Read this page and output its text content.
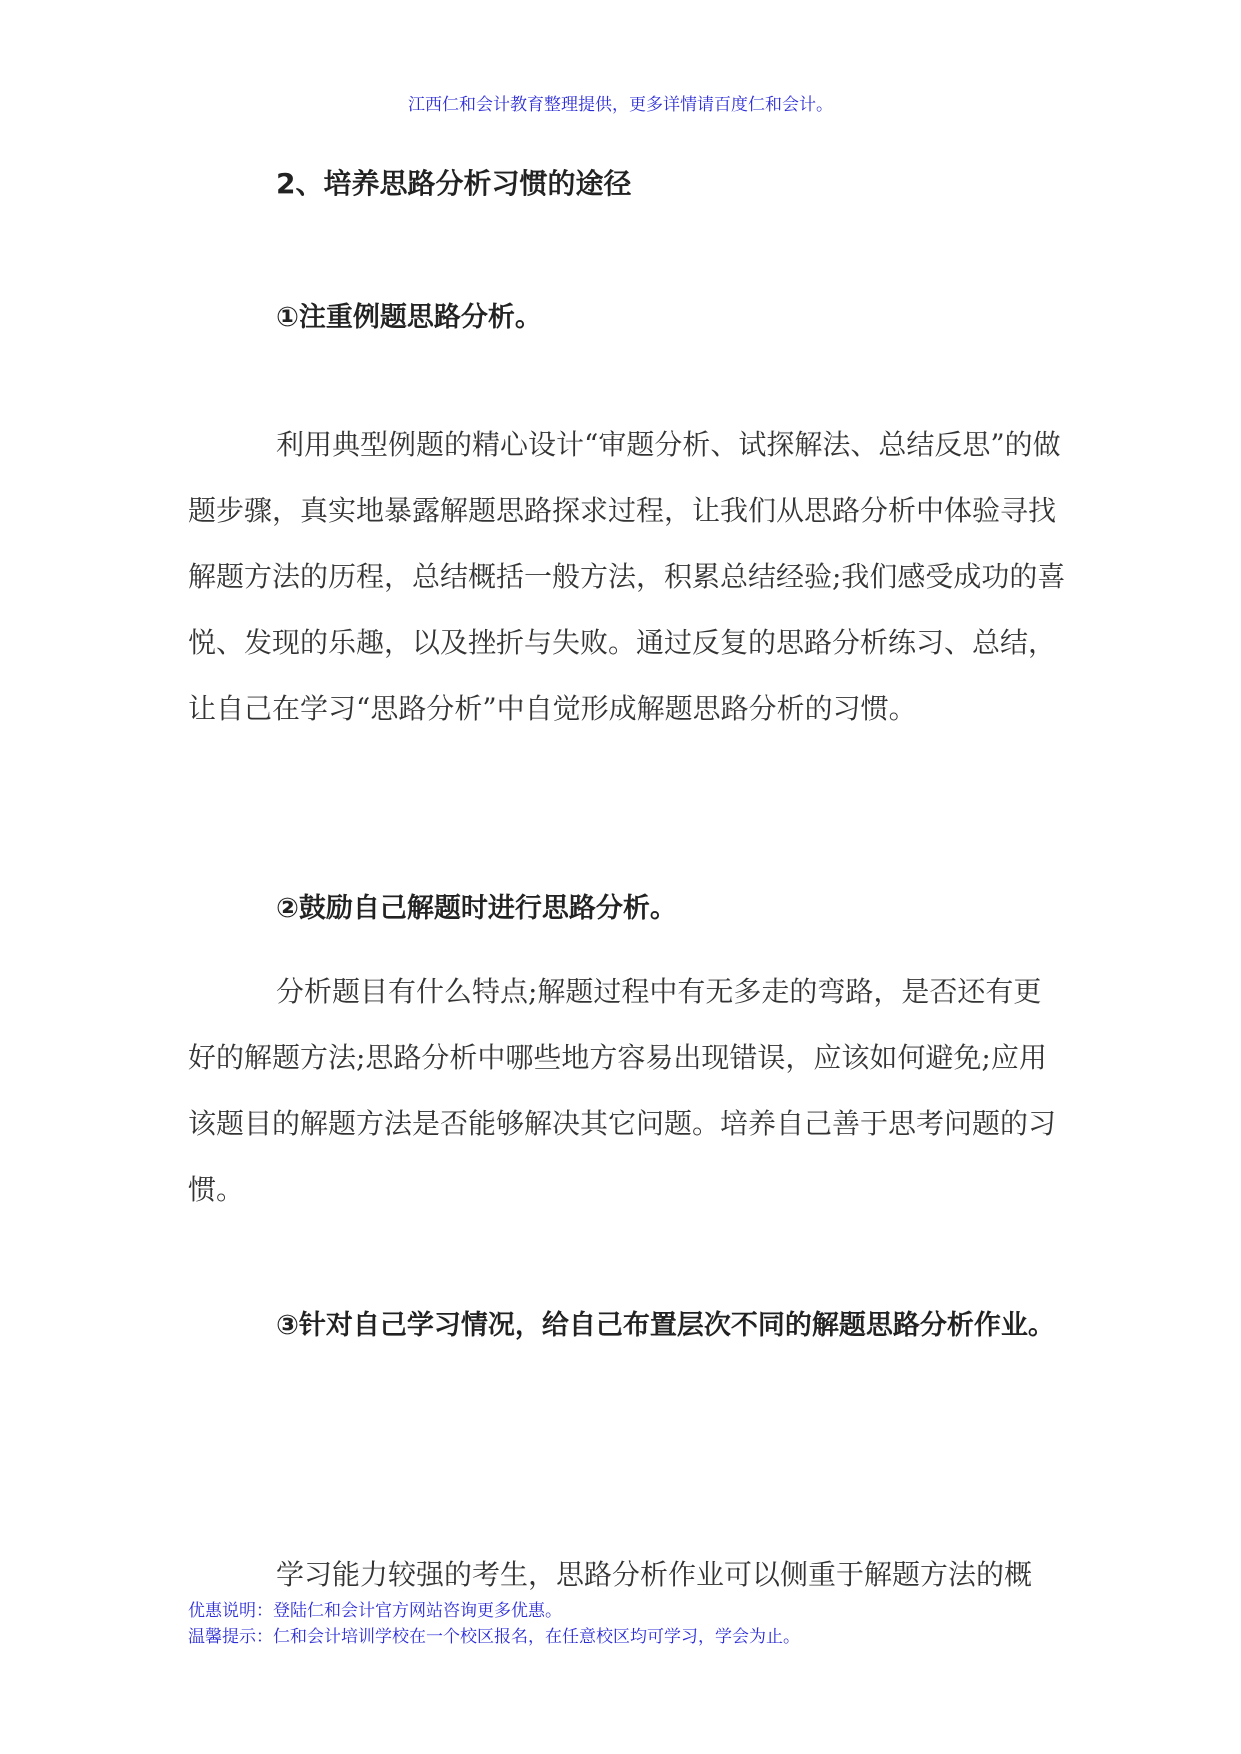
江西仁和会计教育整理提供，更多详情请百度仁和会计。
2、培养思路分析习惯的途径
①注重例题思路分析。
利用典型例题的精心设计“审题分析、试探解法、总结反思”的做题步骤，真实地暴露解题思路探求过程，让我们从思路分析中体验寻找解题方法的历程，总结概括一般方法，积累总结经验;我们感受成功的喜悦、发现的乐趣，以及挫折与失败。通过反复的思路分析练习、总结，让自己在学习“思路分析”中自觉形成解题思路分析的习惯。
②鼓励自己解题时进行思路分析。
分析题目有什么特点;解题过程中有无多走的弯路，是否还有更好的解题方法;思路分析中哪些地方容易出现错误，应该如何避免;应用该题目的解题方法是否能够解决其它问题。培养自己善于思考问题的习惯。
③针对自己学习情况，给自己布置层次不同的解题思路分析作业。
学习能力较强的考生，思路分析作业可以侧重于解题方法的概
优惠说明：登陆仁和会计官方网站咨询更多优惠。
温馨提示：仁和会计培训学校在一个校区报名，在任意校区均可学习，学会为止。
